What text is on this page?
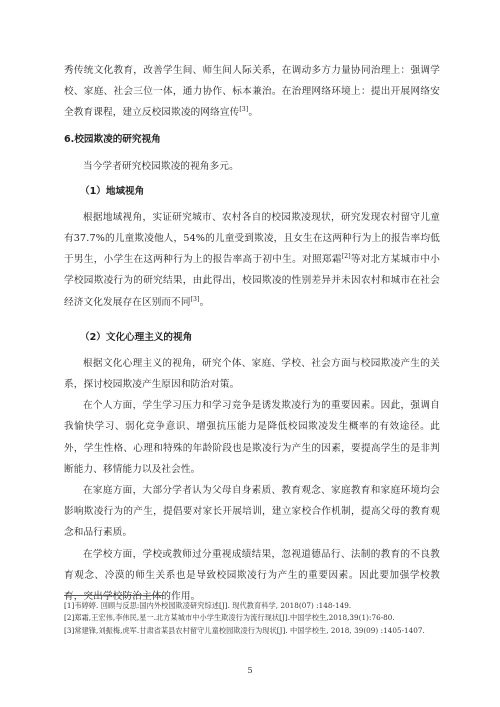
秀传统文化教育，改善学生间、师生间人际关系，在调动多方力量协同治理上：强调学校、家庭、社会三位一体，通力协作、标本兼治。在治理网络环境上：提出开展网络安全教育课程，建立反校园欺凌的网络宣传[3]。

6.校园欺凌的研究视角

当今学者研究校园欺凌的视角多元。

（1）地域视角

根据地域视角，实证研究城市、农村各自的校园欺凌现状，研究发现农村留守儿童有37.7%的儿童欺凌他人，54%的儿童受到欺凌，且女生在这两种行为上的报告率均低于男生，小学生在这两种行为上的报告率高于初中生。对照郑霜[2]等对北方某城市中小学校园欺凌行为的研究结果，由此得出，校园欺凌的性别差异并未因农村和城市在社会经济文化发展存在区别而不同[3]。

（2）文化心理主义的视角

根据文化心理主义的视角，研究个体、家庭、学校、社会方面与校园欺凌产生的关系，探讨校园欺凌产生原因和防治对策。

在个人方面，学生学习压力和学习竞争是诱发欺凌行为的重要因素。因此，强调自我愉快学习、弱化竞争意识、增强抗压能力是降低校园欺凌发生概率的有效途径。此外，学生性格、心理和特殊的年龄阶段也是欺凌行为产生的因素，要提高学生的是非判断能力、移情能力以及社会性。

在家庭方面，大部分学者认为父母自身素质、教育观念、家庭教育和家庭环境均会影响欺凌行为的产生，提倡要对家长开展培训，建立家校合作机制，提高父母的教育观念和品行素质。

在学校方面，学校或教师过分重视成绩结果，忽视道德品行、法制的教育的不良教育观念、冷漠的师生关系也是导致校园欺凌行为产生的重要因素。因此要加强学校教育，突出学校防治主体的作用。

[1]韦婷婷. 回顾与反思:国内外校园欺凌研究综述[J]. 现代教育科学, 2018(07) :148-149.

[2]郑霜,王宏伟,李伟民,星一.北方某城市中小学生欺凌行为流行现状[J].中国学校生,2018,39(1):76-80.

[3]常建锋,刘振梅,虎军.甘肃省某县农村留守儿童校园欺凌行为现状[J]. 中国学校生, 2018, 39(09) :1405-1407.

5
